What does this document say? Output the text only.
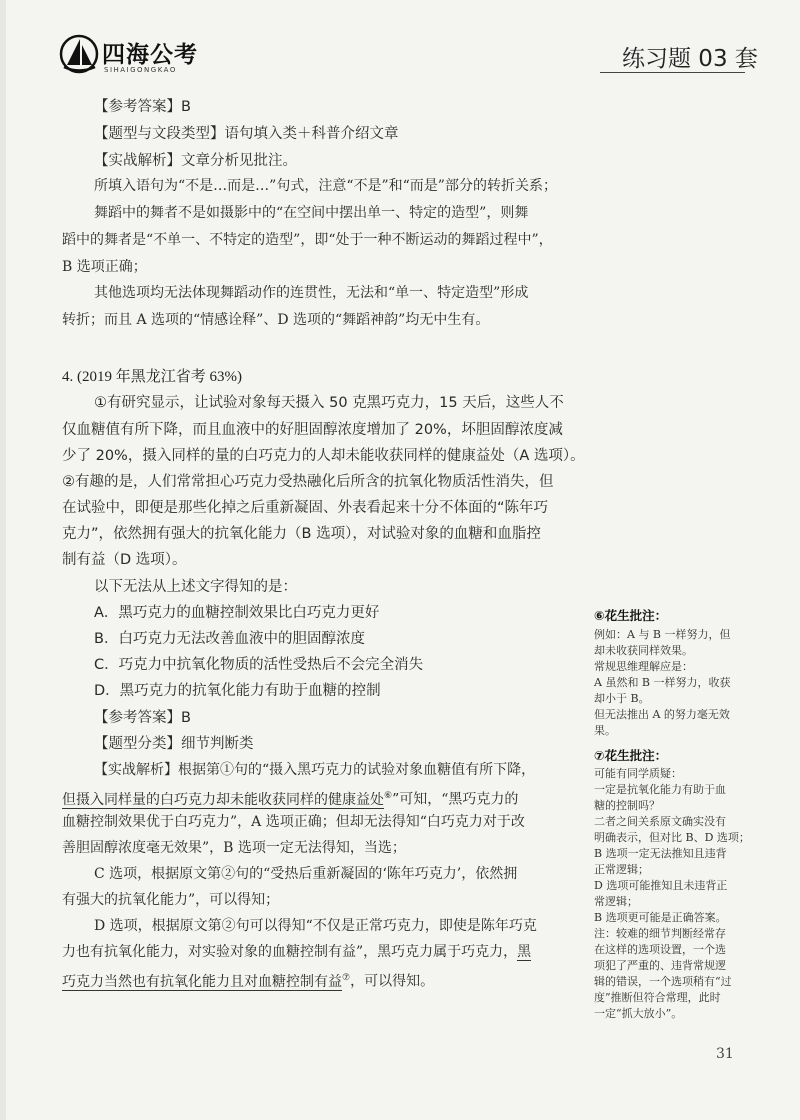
四海公考
SIHAIGONGKAO	练习题 03 套
【参考答案】B
【题型与文段类型】语句填入类＋科普介绍文章
【实战解析】文章分析见批注。
所填入语句为“不是…而是…”句式，注意“不是”和“而是”部分的转折关系；
舞蹈中的舞者不是如摄影中的“在空间中摆出单一、特定的造型”，则舞
蹈中的舞者是“不单一、不特定的造型”，即“处于一种不断运动的舞蹈过程中”，
B 选项正确；
其他选项均无法体现舞蹈动作的连贯性，无法和“单一、特定造型”形成
转折；而且 A 选项的“情感诠释”、D 选项的“舞蹈神韵”均无中生有。
4. (2019 年黑龙江省考 63%)
①有研究显示，让试验对象每天摄入 50 克黑巧克力，15 天后，这些人不
仅血糖值有所下降，而且血液中的好胆固醇浓度增加了 20%，坏胆固醇浓度减
少了 20%，摄入同样的量的白巧克力的人却未能收获同样的健康益处（A 选项）。
②有趣的是，人们常常担心巧克力受热融化后所含的抗氧化物质活性消失，但
在试验中，即便是那些化掉之后重新凝固、外表看起来十分不体面的“陈年巧
克力”，依然拥有强大的抗氧化能力（B 选项），对试验对象的血糖和血脂控
制有益（D 选项）。
以下无法从上述文字得知的是：
A．黑巧克力的血糖控制效果比白巧克力更好
B．白巧克力无法改善血液中的胆固醇浓度
C．巧克力中抗氧化物质的活性受热后不会完全消失
D．黑巧克力的抗氧化能力有助于血糖的控制
【参考答案】B
【题型分类】细节判断类
【实战解析】根据第①句的“摄入黑巧克力的试验对象血糖值有所下降，
但摄入同样量的白巧克力却未能收获同样的健康益处⑥”可知，“黑巧克力的
血糖控制效果优于白巧克力”，A 选项正确；但却无法得知“白巧克力对于改
善胆固醇浓度毫无效果”，B 选项一定无法得知，当选；
C 选项，根据原文第②句的“受热后重新凝固的‘陈年巧克力’，依然拥
有强大的抗氧化能力”，可以得知；
D 选项，根据原文第②句可以得知“不仅是正常巧克力，即使是陈年巧克
力也有抗氧化能力，对实验对象的血糖控制有益”，黑巧克力属于巧克力，黑
巧克力当然也有抗氧化能力且对血糖控制有益⑦，可以得知。
⑥花生批注：
例如：A 与 B 一样努力，但
却未收获同样效果。
常规思维理解应是：
A 虽然和 B 一样努力，收获
却小于 B。
但无法推出 A 的努力毫无效
果。
⑦花生批注：
可能有同学质疑：
一定是抗氧化能力有助于血
糖的控制吗？
二者之间关系原文确实没有
明确表示，但对比 B、D 选项；
B 选项一定无法推知且违背
正常逻辑；
D 选项可能推知且未违背正
常逻辑；
B 选项更可能是正确答案。
注：较难的细节判断经常存
在这样的选项设置，一个选
项犯了严重的、违背常规逻
辑的错误，一个选项稍有“过
度”推断但符合常理，此时
一定“抓大放小”。
31
